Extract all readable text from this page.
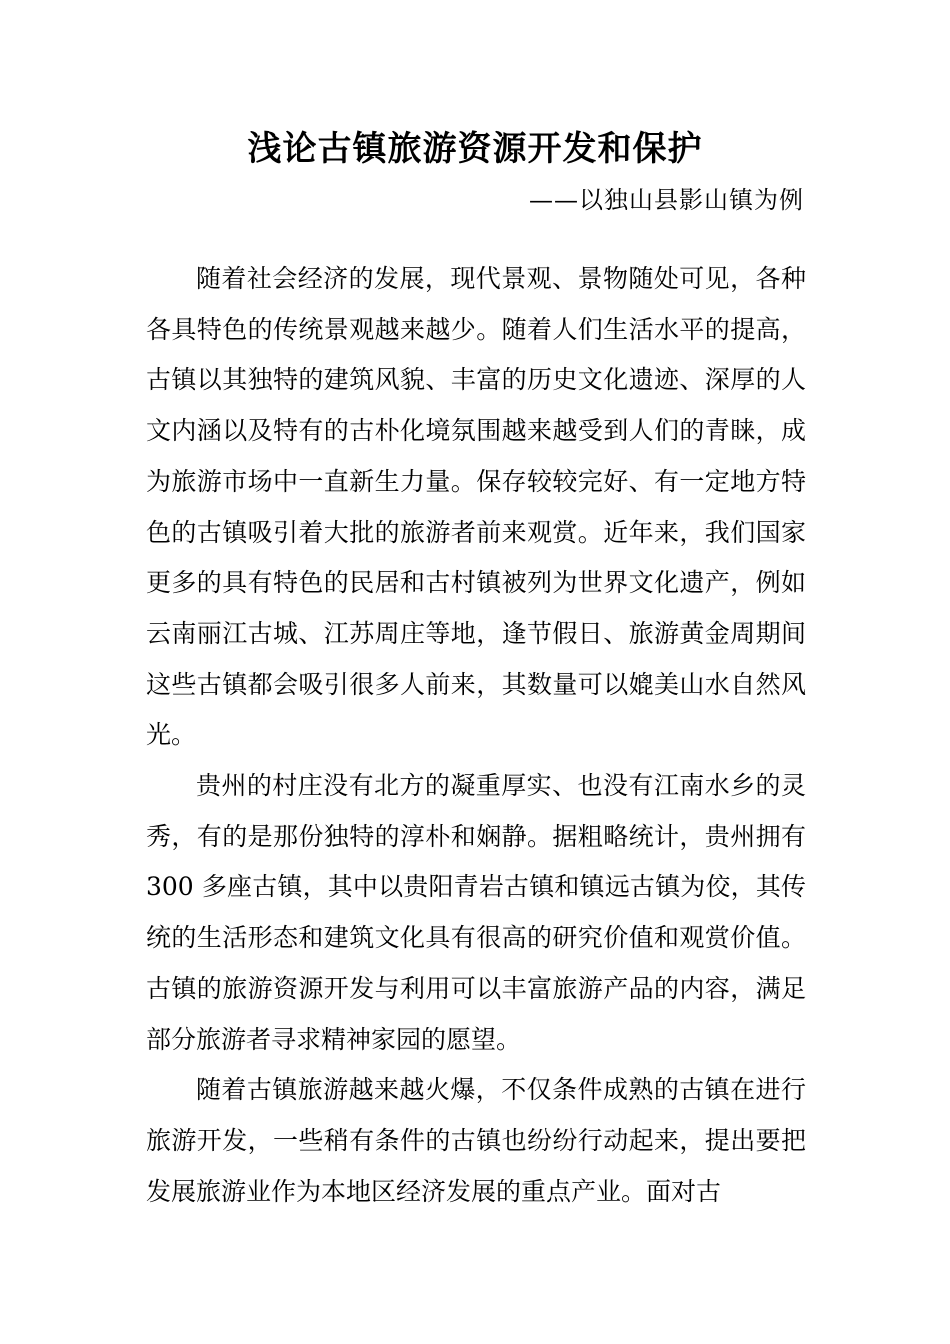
浅论古镇旅游资源开发和保护
——以独山县影山镇为例

随着社会经济的发展，现代景观、景物随处可见，各种各具特色的传统景观越来越少。随着人们生活水平的提高，古镇以其独特的建筑风貌、丰富的历史文化遗迹、深厚的人文内涵以及特有的古朴化境氛围越来越受到人们的青睐，成为旅游市场中一直新生力量。保存较较完好、有一定地方特色的古镇吸引着大批的旅游者前来观赏。近年来，我们国家更多的具有特色的民居和古村镇被列为世界文化遗产，例如云南丽江古城、江苏周庄等地，逢节假日、旅游黄金周期间这些古镇都会吸引很多人前来，其数量可以媲美山水自然风光。

贵州的村庄没有北方的凝重厚实、也没有江南水乡的灵秀，有的是那份独特的淳朴和娴静。据粗略统计，贵州拥有 300 多座古镇，其中以贵阳青岩古镇和镇远古镇为佼，其传统的生活形态和建筑文化具有很高的研究价值和观赏价值。古镇的旅游资源开发与利用可以丰富旅游产品的内容，满足部分旅游者寻求精神家园的愿望。

随着古镇旅游越来越火爆，不仅条件成熟的古镇在进行旅游开发，一些稍有条件的古镇也纷纷行动起来，提出要把发展旅游业作为本地区经济发展的重点产业。面对古
